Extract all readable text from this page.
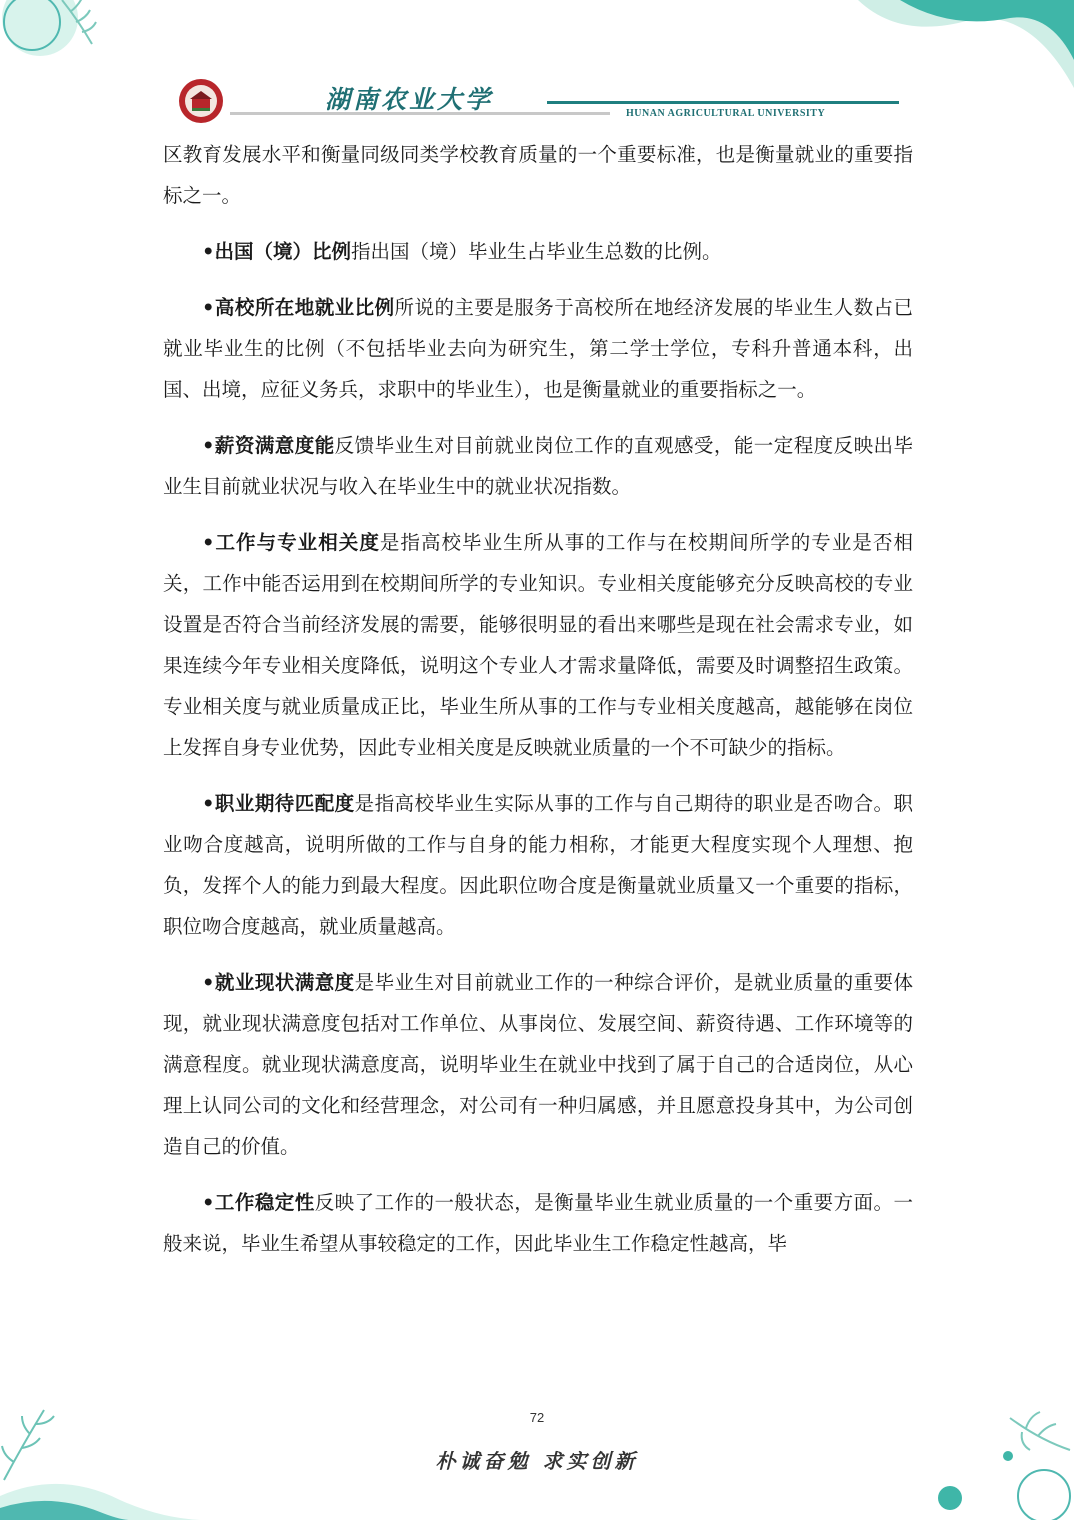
湖南农业大学	HUNAN AGRICULTURAL UNIVERSITY

区教育发展水平和衡量同级同类学校教育质量的一个重要标准，也是衡量就业的重要指标之一。

•出国（境）比例指出国（境）毕业生占毕业生总数的比例。

•高校所在地就业比例所说的主要是服务于高校所在地经济发展的毕业生人数占已就业毕业生的比例（不包括毕业去向为研究生，第二学士学位，专科升普通本科，出国、出境，应征义务兵，求职中的毕业生），也是衡量就业的重要指标之一。

•薪资满意度能反馈毕业生对目前就业岗位工作的直观感受，能一定程度反映出毕业生目前就业状况与收入在毕业生中的就业状况指数。

•工作与专业相关度是指高校毕业生所从事的工作与在校期间所学的专业是否相关，工作中能否运用到在校期间所学的专业知识。专业相关度能够充分反映高校的专业设置是否符合当前经济发展的需要，能够很明显的看出来哪些是现在社会需求专业，如果连续今年专业相关度降低，说明这个专业人才需求量降低，需要及时调整招生政策。专业相关度与就业质量成正比，毕业生所从事的工作与专业相关度越高，越能够在岗位上发挥自身专业优势，因此专业相关度是反映就业质量的一个不可缺少的指标。

•职业期待匹配度是指高校毕业生实际从事的工作与自己期待的职业是否吻合。职业吻合度越高，说明所做的工作与自身的能力相称，才能更大程度实现个人理想、抱负，发挥个人的能力到最大程度。因此职位吻合度是衡量就业质量又一个重要的指标，职位吻合度越高，就业质量越高。

•就业现状满意度是毕业生对目前就业工作的一种综合评价，是就业质量的重要体现，就业现状满意度包括对工作单位、从事岗位、发展空间、薪资待遇、工作环境等的满意程度。就业现状满意度高，说明毕业生在就业中找到了属于自己的合适岗位，从心理上认同公司的文化和经营理念，对公司有一种归属感，并且愿意投身其中，为公司创造自己的价值。

•工作稳定性反映了工作的一般状态，是衡量毕业生就业质量的一个重要方面。一般来说，毕业生希望从事较稳定的工作，因此毕业生工作稳定性越高，毕

72
朴诚奋勉 求实创新
